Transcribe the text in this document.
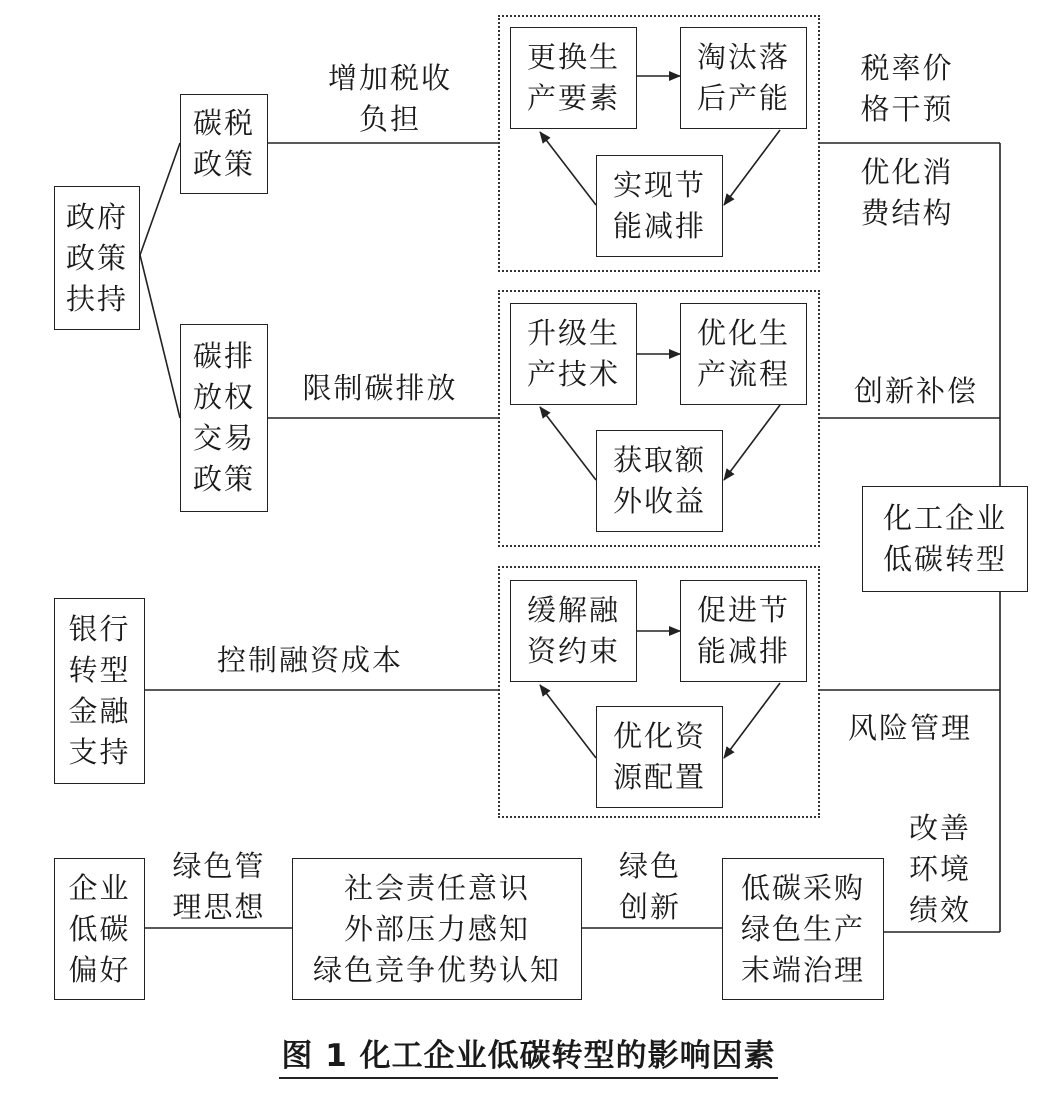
政府
政策
扶持
碳税
政策
碳排
放权
交易
政策
银行
转型
金融
支持
企业
低碳
偏好
社会责任意识
外部压力感知
绿色竞争优势认知
低碳采购
绿色生产
末端治理
化工企业
低碳转型
更换生
产要素
淘汰落
后产能
实现节
能减排
升级生
产技术
优化生
产流程
获取额
外收益
缓解融
资约束
促进节
能减排
优化资
源配置
增加税收
负担
限制碳排放
控制融资成本
绿色管
理思想
绿色
创新
税率价
格干预
优化消
费结构
创新补偿
风险管理
改善
环境
绩效
图 1 化工企业低碳转型的影响因素
